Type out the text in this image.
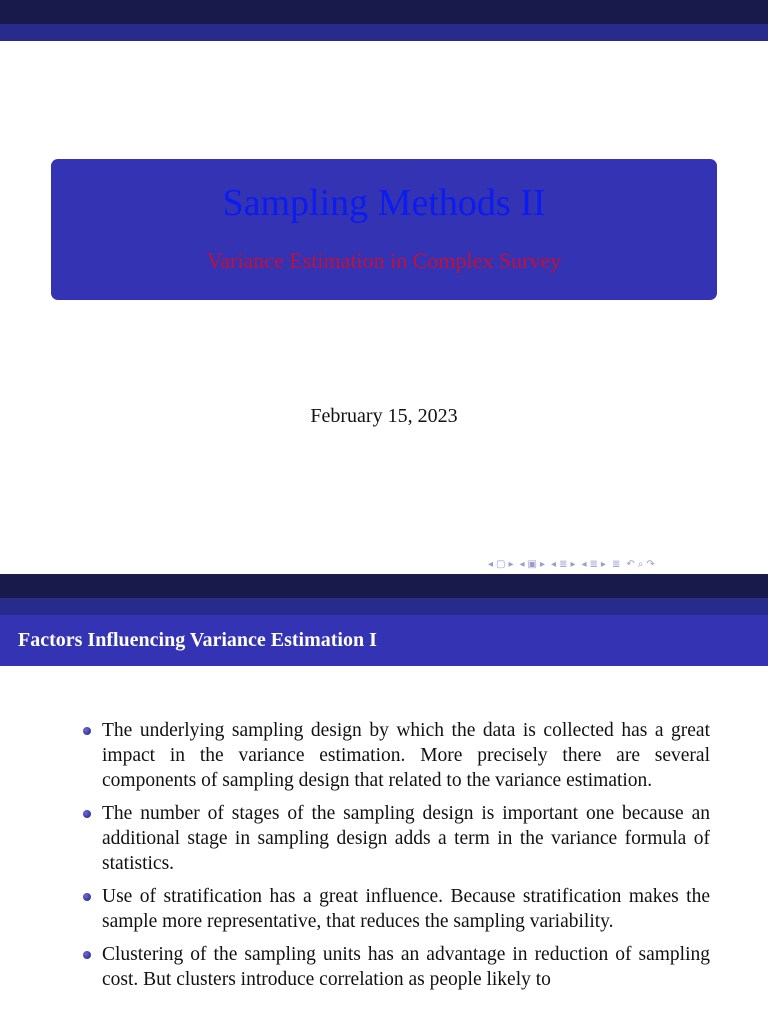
Sampling Methods II
Variance Estimation in Complex Survey
February 15, 2023
◂ ▢ ▸ ◂ ▣ ▸ ◂ ≣ ▸ ◂ ≣ ▸ ≣ ↶ ⌕ ↷
Factors Influencing Variance Estimation I
The underlying sampling design by which the data is collected has a great impact in the variance estimation. More precisely there are several components of sampling design that related to the variance estimation.
The number of stages of the sampling design is important one because an additional stage in sampling design adds a term in the variance formula of statistics.
Use of stratification has a great influence. Because stratification makes the sample more representative, that reduces the sampling variability.
Clustering of the sampling units has an advantage in reduction of sampling cost. But clusters introduce correlation as people likely to
